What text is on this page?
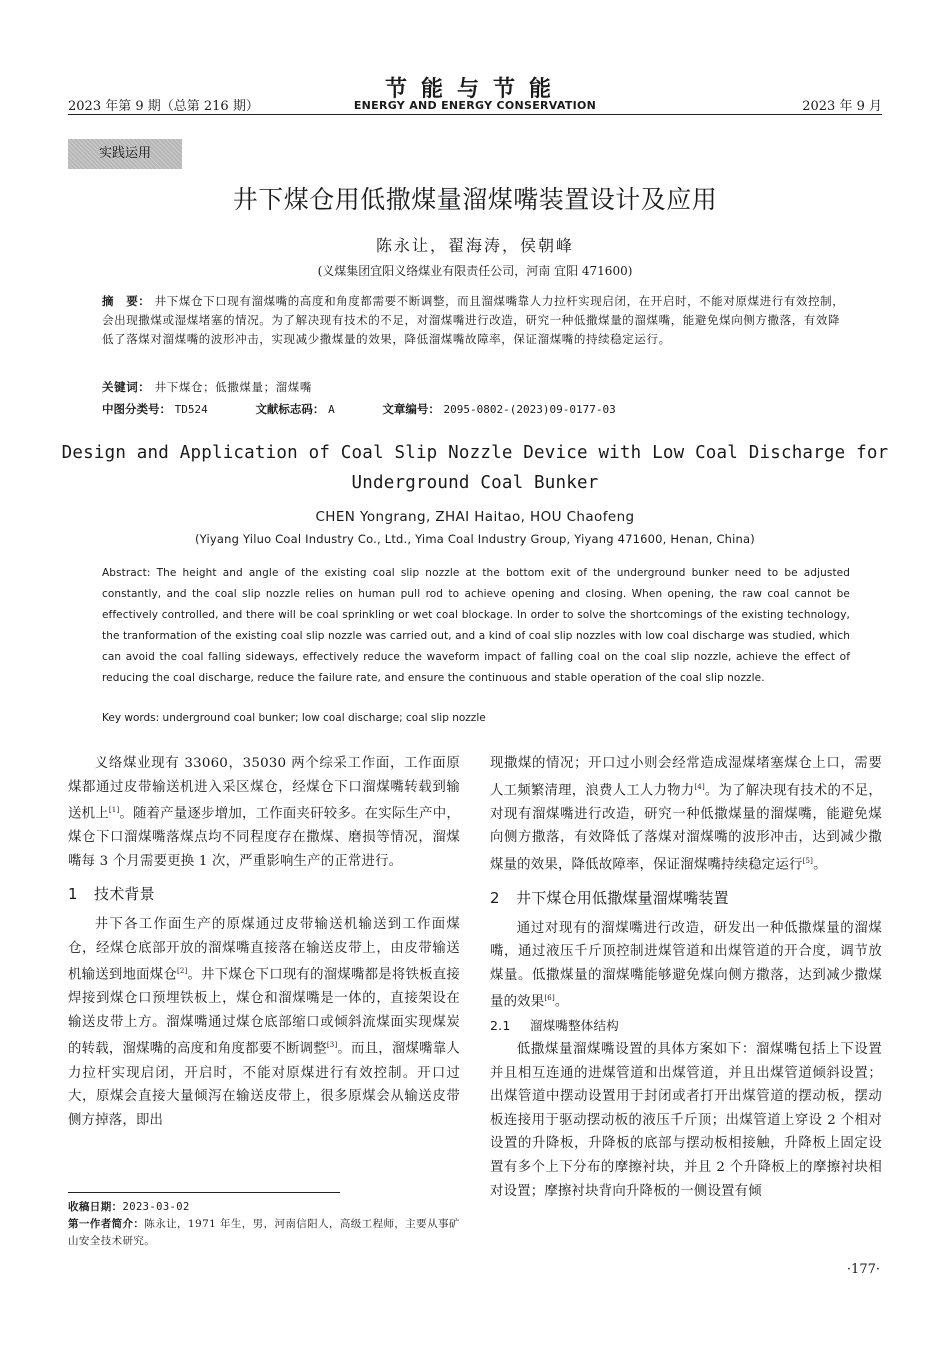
2023 年第 9 期（总第 216 期）
节能与节能
ENERGY AND ENERGY CONSERVATION	2023 年 9 月
实践运用
井下煤仓用低撒煤量溜煤嘴装置设计及应用
陈永让，翟海涛，侯朝峰
(义煤集团宜阳义络煤业有限责任公司，河南 宜阳 471600)
摘　要： 井下煤仓下口现有溜煤嘴的高度和角度都需要不断调整，而且溜煤嘴靠人力拉杆实现启闭，在开启时，不能对原煤进行有效控制，会出现撒煤或湿煤堵塞的情况。为了解决现有技术的不足，对溜煤嘴进行改造，研究一种低撒煤量的溜煤嘴，能避免煤向侧方撒落，有效降低了落煤对溜煤嘴的波形冲击，实现减少撒煤量的效果，降低溜煤嘴故障率，保证溜煤嘴的持续稳定运行。
关键词： 井下煤仓；低撒煤量；溜煤嘴
中图分类号： TD524	文献标志码： A	文章编号： 2095-0802-(2023)09-0177-03
Design and Application of Coal Slip Nozzle Device with Low Coal Discharge for
Underground Coal Bunker
CHEN Yongrang, ZHAI Haitao, HOU Chaofeng
(Yiyang Yiluo Coal Industry Co., Ltd., Yima Coal Industry Group, Yiyang 471600, Henan, China)
Abstract: The height and angle of the existing coal slip nozzle at the bottom exit of the underground bunker need to be adjusted constantly, and the coal slip nozzle relies on human pull rod to achieve opening and closing. When opening, the raw coal cannot be effectively controlled, and there will be coal sprinkling or wet coal blockage. In order to solve the shortcomings of the existing technology, the tranformation of the existing coal slip nozzle was carried out, and a kind of coal slip nozzles with low coal discharge was studied, which can avoid the coal falling sideways, effectively reduce the waveform impact of falling coal on the coal slip nozzle, achieve the effect of reducing the coal discharge, reduce the failure rate, and ensure the continuous and stable operation of the coal slip nozzle.
Key words: underground coal bunker; low coal discharge; coal slip nozzle

义络煤业现有 33060，35030 两个综采工作面，工作面原煤都通过皮带输送机进入采区煤仓，经煤仓下口溜煤嘴转载到输送机上[1]。随着产量逐步增加，工作面夹矸较多。在实际生产中，煤仓下口溜煤嘴落煤点均不同程度存在撒煤、磨损等情况，溜煤嘴每 3 个月需要更换 1 次，严重影响生产的正常进行。

1 技术背景

井下各工作面生产的原煤通过皮带输送机输送到工作面煤仓，经煤仓底部开放的溜煤嘴直接落在输送皮带上，由皮带输送机输送到地面煤仓[2]。井下煤仓下口现有的溜煤嘴都是将铁板直接焊接到煤仓口预埋铁板上，煤仓和溜煤嘴是一体的，直接架设在输送皮带上方。溜煤嘴通过煤仓底部缩口或倾斜流煤面实现煤炭的转载，溜煤嘴的高度和角度都要不断调整[3]。而且，溜煤嘴靠人力拉杆实现启闭，开启时，不能对原煤进行有效控制。开口过大，原煤会直接大量倾泻在输送皮带上，很多原煤会从输送皮带侧方掉落，即出

现撒煤的情况；开口过小则会经常造成湿煤堵塞煤仓上口，需要人工频繁清理，浪费人工人力物力[4]。为了解决现有技术的不足，对现有溜煤嘴进行改造，研究一种低撒煤量的溜煤嘴，能避免煤向侧方撒落，有效降低了落煤对溜煤嘴的波形冲击，达到减少撒煤量的效果，降低故障率，保证溜煤嘴持续稳定运行[5]。

2 井下煤仓用低撒煤量溜煤嘴装置

通过对现有的溜煤嘴进行改造，研发出一种低撒煤量的溜煤嘴，通过液压千斤顶控制进煤管道和出煤管道的开合度，调节放煤量。低撒煤量的溜煤嘴能够避免煤向侧方撒落，达到减少撒煤量的效果[6]。

2.1 溜煤嘴整体结构

低撒煤量溜煤嘴设置的具体方案如下：溜煤嘴包括上下设置并且相互连通的进煤管道和出煤管道，并且出煤管道倾斜设置；出煤管道中摆动设置用于封闭或者打开出煤管道的摆动板，摆动板连接用于驱动摆动板的液压千斤顶；出煤管道上穿设 2 个相对设置的升降板，升降板的底部与摆动板相接触，升降板上固定设置有多个上下分布的摩擦衬块，并且 2 个升降板上的摩擦衬块相对设置；摩擦衬块背向升降板的一侧设置有倾

收稿日期：2023-03-02
第一作者简介：陈永让，1971 年生，男，河南信阳人，高级工程师，主要从事矿山安全技术研究。
·177·
